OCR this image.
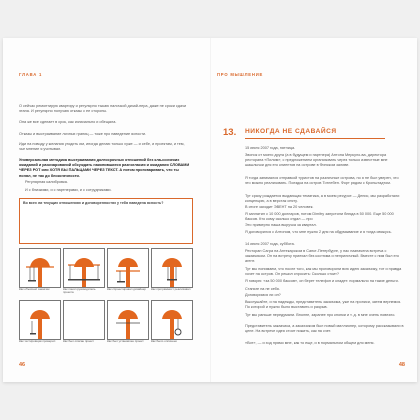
ГЛАВА 1

О сейчас ремонтирую квартиру и регулярно тыкаю палочкой дизай-нера, даже не сроки сдачи этапа. И регулярно получаю отказы с ее стороны.

Она же все сделает в срок, как изначально и обещала.

Отказы и выстраивание личных границ — тоже про наведение ясности.

Иди на поводу у желания угодить им, иногда делаю только хуже — и себе, и проектам, и тем, чье мнение я учитывал.

Универсальная методика выстраивания долгосрочных отношений без кла-ссичеких ожиданий и разочарований обсуждать накопившиеся разногласия и ожидания СЛОВАМИ ЧЕРЕЗ РОТ или ХОТЯ БЫ ПАЛЬЦАМИ ЧЕРЕЗ ТЕКСТ. А потом проговаривать, что ты понял, не так до бесконечности.

Регулярная калибровка.

И с близкими, и с партнерами, и с сотрудниками.

Во всех ли текущих отношениях и договоренностях у тебя наведена ясность?
Как объяснил заказчик	Как понял руководитель проекта
Как спроектировал дизайнер	Как программист реализовал
Как тестировщик проверил	Как был описан проект	Как был установлен проект	Как было оплачено
46
ПРО МЫШЛЕНИЕ
13. НИКОГДА НЕ СДАВАЙСЯ

15 июля 2007 года, пятница.

Звонок от моего друга (а в будущем и партнера) Антона Меркуло-ва, директора ресторана «Пилим», с предложением организовать через только известные мне шашлычки для его клиентов на острове в Финском заливе.

Я тогда занимался отправкой туристов на различные острова, но я не был уверен, что это можно реализовать. Поездка на остров Тотлебен. Форт рядом с Кронштадтом.

Тут сразу рождается выдающая тематика, а в моем ресурсе — Денис, мы разработали концепцию, а в верстак сняту.

В итоге заходит ЭВЕНТ на 20 человек.

Я заплатил с 10 000 долларов, потом Dimitry запустили блюда в 50 000. Еще 50 000 баксов. Кто кому сколько отдал — про

Это примерно наша выручка за квартал.

Я договорился с Антоном, что мне нужно 2 дня на обдумывание и я тогда свяжусь.

14 июля 2007 года, суббота.

Ресторан Сагра на Аптекарском в Санкт-Петербурге, у нас назначена встреча с заказчиком. Он на встречу приехал без костюма и неприличный. Вместе с ним был его агент.

Тут мы понимаем, что после того, как мы проговорили всю идею заказчику, тот и правда хочет на остров. Он решил спросить: Сколько стоит?

Я говорю: «за 50 000 баксов», он берет телефон и кладет: нормально на такие деньги.

Станьте на не себя.

Договоримся ли он?

Выслушайте, и на надежды, представитель заказчика, уже на прописи, затем вернемся. По которой и нужно было выставить и разрыв.

Тут мы раньше передумали. Вполне, заранее про кнопки и т. д. в мне очень повезло.

Представитель заказчика, а заказчиком был новый миллионер, которому рассказывали в цене. На встрече идея стоит пожить, как на счет.

«Вот», — и ход прямо мне, как то еще, и в нормальном общем для меня.

48
